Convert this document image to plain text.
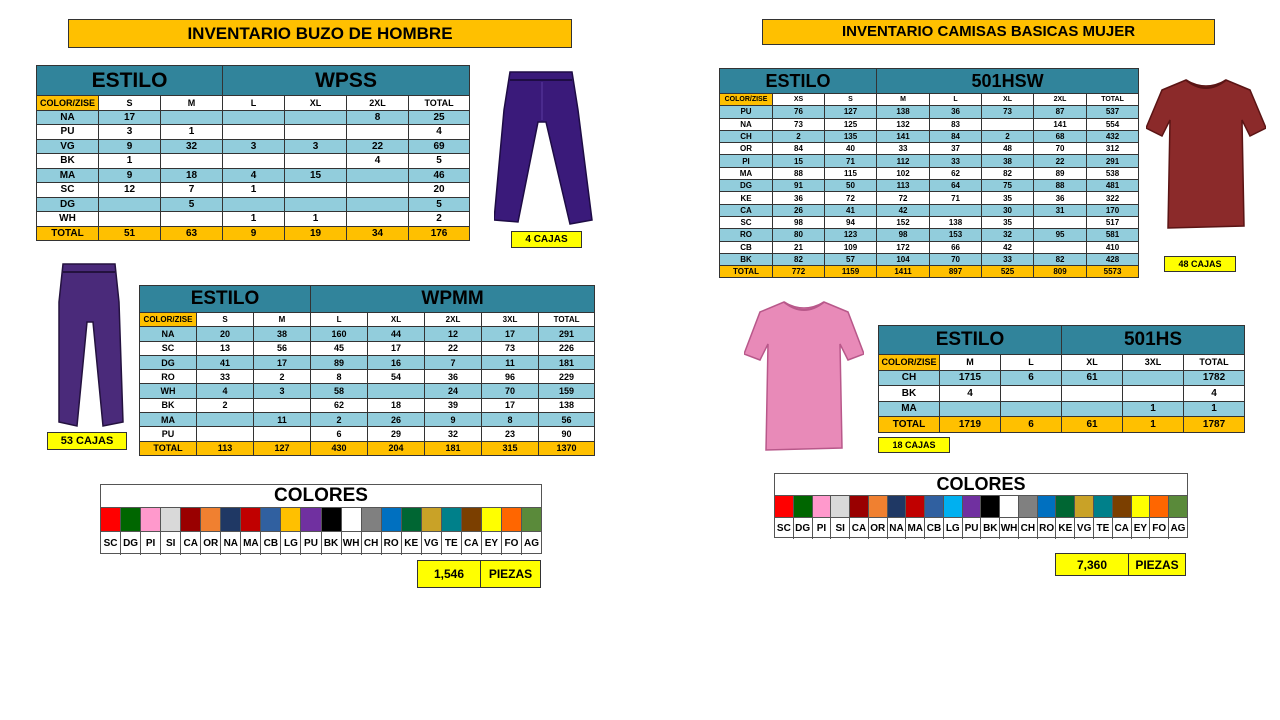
INVENTARIO BUZO DE HOMBRE
ESTILO			WPSS			
COLOR/ZISE	S	M	L	XL	2XL	TOTAL
NA	17				8	25
PU	3	1				4
VG	9	32	3	3	22	69
BK	1				4	5
MA	9	18	4	15		46
SC	12	7	1			20
DG		5				5
WH			1	1		2
TOTAL	51	63	9	19	34	176
4 CAJAS
ESTILO			WPMM				
COLOR/ZISE	S	M	L	XL	2XL	3XL	TOTAL
NA	20	38	160	44	12	17	291
SC	13	56	45	17	22	73	226
DG	41	17	89	16	7	11	181
RO	33	2	8	54	36	96	229
WH	4	3	58		24	70	159
BK	2		62	18	39	17	138
MA		11	2	26	9	8	56
PU			6	29	32	23	90
TOTAL	113	127	430	204	181	315	1370
53 CAJAS
COLORES
SC DG PI	SI CA OR NA MA CB LG PU BK WH CH RO KE VG TE CA EY FO AG
1,546	PIEZAS
INVENTARIO CAMISAS BASICAS MUJER
ESTILO			501HSW				
COLOR/ZISE	XS	S	M	L	XL	2XL	TOTAL
PU	76	127	138	36	73	87	537
NA	73	125	132	83		141	554
CH	2	135	141	84	2	68	432
OR	84	40	33	37	48	70	312
PI	15	71	112	33	38	22	291
MA	88	115	102	62	82	89	538
DG	91	50	113	64	75	88	481
KE	36	72	72	71	35	36	322
CA	26	41	42		30	31	170
SC	98	94	152	138	35		517
RO	80	123	98	153	32	95	581
CB	21	109	172	66	42		410
BK	82	57	104	70	33	82	428
TOTAL	772	1159	1411	897	525	809	5573
48 CAJAS
ESTILO			501HS		
COLOR/ZISE	M	L	XL	3XL	TOTAL
CH	1715	6	61		1782
BK	4				4
MA				1	1
TOTAL	1719	6	61	1	1787
18 CAJAS
COLORES
SC DG PI SI CA OR NA MA CB LG PU BK WH CH RO KE VG TE CA EY FO AG
7,360	PIEZAS
